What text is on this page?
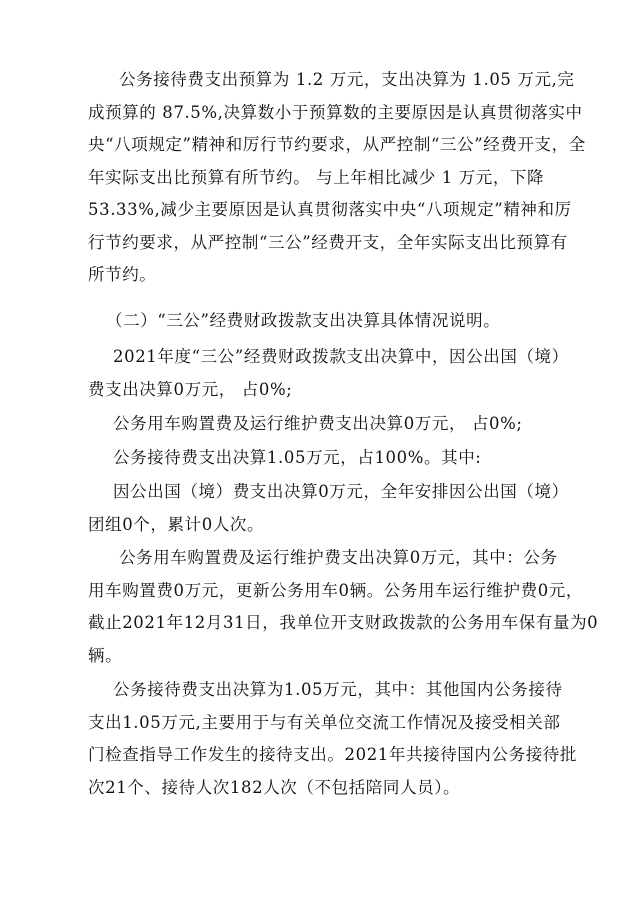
公务接待费支出预算为 1.2 万元，支出决算为 1.05 万元,完
成预算的 87.5%,决算数小于预算数的主要原因是认真贯彻落实中
央“八项规定”精神和厉行节约要求，从严控制“三公”经费开支，全
年实际支出比预算有所节约。 与上年相比减少 1 万元，下降
53.33%,减少主要原因是认真贯彻落实中央“八项规定”精神和厉
行节约要求，从严控制“三公”经费开支，全年实际支出比预算有
所节约。
（二）“三公”经费财政拨款支出决算具体情况说明。
2021年度“三公”经费财政拨款支出决算中，因公出国（境）
费支出决算0万元， 占0%;
公务用车购置费及运行维护费支出决算0万元， 占0%;
公务接待费支出决算1.05万元，占100%。其中:
因公出国（境）费支出决算0万元，全年安排因公出国（境）
团组0个，累计0人次。
公务用车购置费及运行维护费支出决算0万元，其中：公务
用车购置费0万元，更新公务用车0辆。公务用车运行维护费0元，
截止2021年12月31日，我单位开支财政拨款的公务用车保有量为0
辆。
公务接待费支出决算为1.05万元，其中：其他国内公务接待
支出1.05万元,主要用于与有关单位交流工作情况及接受相关部
门检查指导工作发生的接待支出。2021年共接待国内公务接待批
次21个、接待人次182人次（不包括陪同人员）。
